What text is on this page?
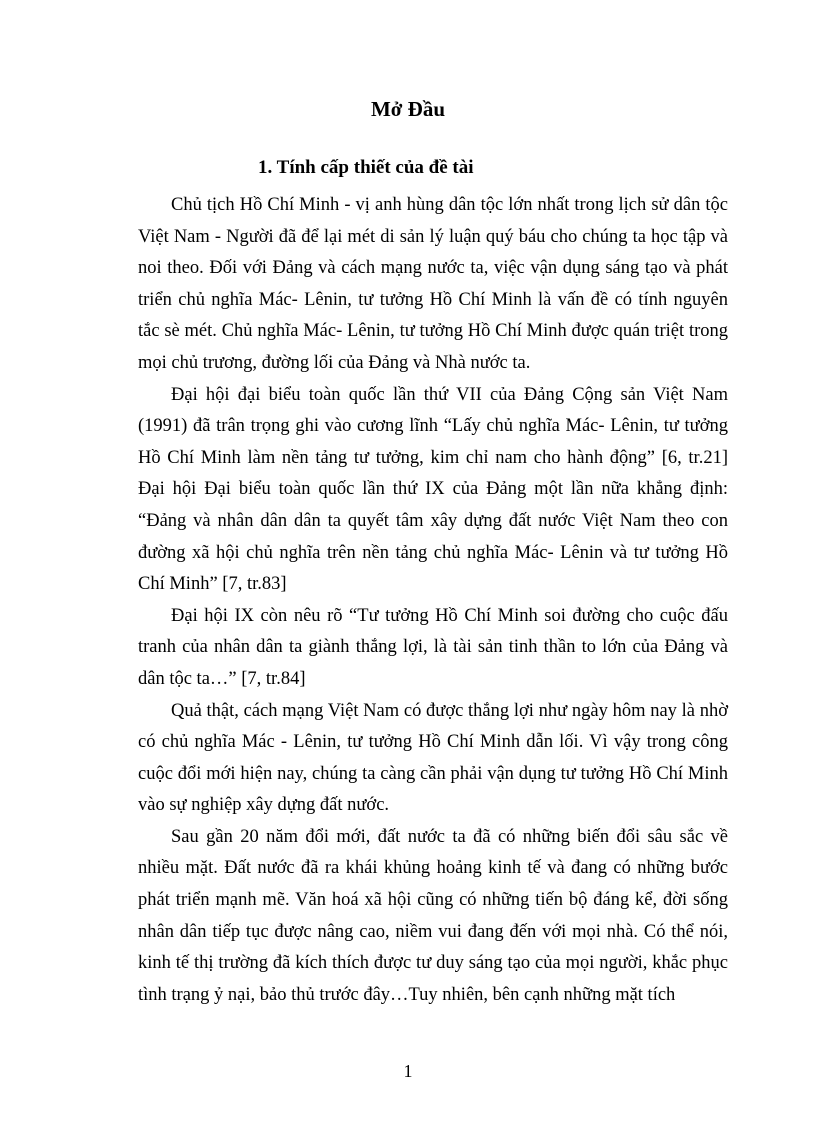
Mở Đầu
1. Tính cấp thiết của đề tài

Chủ tịch Hồ Chí Minh - vị anh hùng dân tộc lớn nhất trong lịch sử dân tộc Việt Nam - Người đã để lại mét di sản lý luận quý báu cho chúng ta học tập và noi theo. Đối với Đảng và cách mạng nước ta, việc vận dụng sáng tạo và phát triển chủ nghĩa Mác- Lênin, tư tưởng Hồ Chí Minh là vấn đề có tính nguyên tắc sè mét. Chủ nghĩa Mác- Lênin, tư tưởng Hồ Chí Minh được quán triệt trong mọi chủ trương, đường lối của Đảng và Nhà nước ta.

Đại hội đại biểu toàn quốc lần thứ VII của Đảng Cộng sản Việt Nam (1991) đã trân trọng ghi vào cương lĩnh “Lấy chủ nghĩa Mác- Lênin, tư tưởng Hồ Chí Minh làm nền tảng tư tưởng, kim chỉ nam cho hành động” [6, tr.21] Đại hội Đại biểu toàn quốc lần thứ IX của Đảng một lần nữa khẳng định: “Đảng và nhân dân dân ta quyết tâm xây dựng đất nước Việt Nam theo con đường xã hội chủ nghĩa trên nền tảng chủ nghĩa Mác- Lênin và tư tưởng Hồ Chí Minh” [7, tr.83]

Đại hội IX còn nêu rõ “Tư tưởng Hồ Chí Minh soi đường cho cuộc đấu tranh của nhân dân ta giành thắng lợi, là tài sản tinh thần to lớn của Đảng và dân tộc ta…” [7, tr.84]

Quả thật, cách mạng Việt Nam có được thắng lợi như ngày hôm nay là nhờ có chủ nghĩa Mác - Lênin, tư tưởng Hồ Chí Minh dẫn lối. Vì vậy trong công cuộc đổi mới hiện nay, chúng ta càng cần phải vận dụng tư tưởng Hồ Chí Minh vào sự nghiệp xây dựng đất nước.

Sau gần 20 năm đổi mới, đất nước ta đã có những biến đổi sâu sắc về nhiều mặt. Đất nước đã ra khái khủng hoảng kinh tế và đang có những bước phát triển mạnh mẽ. Văn hoá xã hội cũng có những tiến bộ đáng kể, đời sống nhân dân tiếp tục được nâng cao, niềm vui đang đến với mọi nhà. Có thể nói, kinh tế thị trường đã kích thích được tư duy sáng tạo của mọi người, khắc phục tình trạng ỷ nại, bảo thủ trước đây…Tuy nhiên, bên cạnh những mặt tích

1
